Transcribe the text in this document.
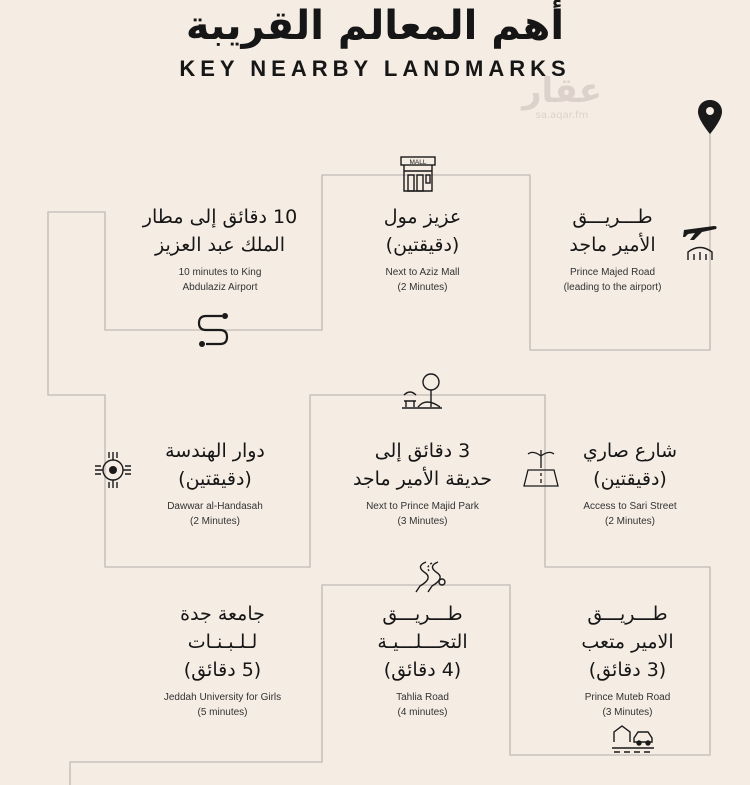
أهم المعالم القريبة
KEY NEARBY LANDMARKS
عقار
sa.aqar.fm
طـــريـــق
الأمير ماجد
Prince Majed Road
(leading to the airport)
عزيز مول
(دقيقتين)
Next to Aziz Mall
(2 Minutes)
10 دقائق إلى مطار
الملك عبد العزيز
10 minutes to King
Abdulaziz Airport
شارع صاري
(دقيقتين)
Access to Sari Street
(2 Minutes)
3 دقائق إلى
حديقة الأمير ماجد
Next to Prince Majid Park
(3 Minutes)
دوار الهندسة
(دقيقتين)
Dawwar al-Handasah
(2 Minutes)
طـــريـــق
الامير متعب
(3 دقائق)
Prince Muteb Road
(3 Minutes)
طـــريـــق
التحـــلـــيـة
(4 دقائق)
Tahlia Road
(4 minutes)
جامعة جدة
لـلـبـنـات
(5 دقائق)
Jeddah University for Girls
(5 minutes)
MALL
